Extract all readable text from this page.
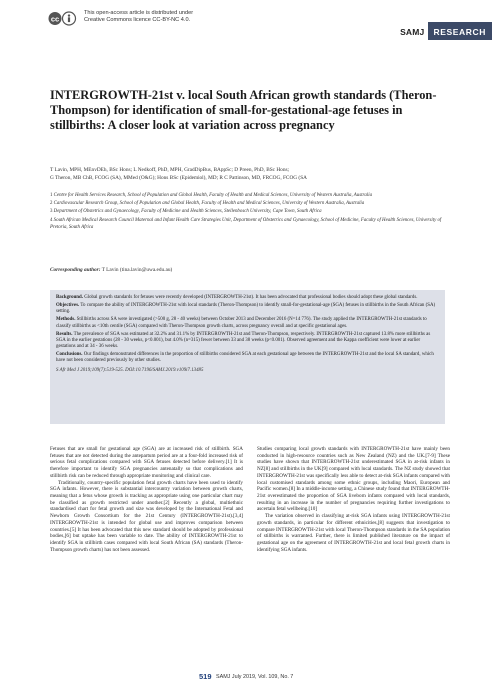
cc
This open-access article is distributed under
Creative Commons licence CC-BY-NC 4.0.
SAMJ	RESEARCH
INTERGROWTH-21st v. local South African growth standards (Theron-Thompson) for identification of small-for-gestational-age fetuses in stillbirths: A closer look at variation across pregnancy
T Lavin, MPH, MEnvDEh, BSc Hons; L Nedkoff, PhD, MPH, GradDipBus, BAppSc; D Preen, PhD, BSc Hons;
G Theron, MB ChB, FCOG (SA), MMed (O&G); Hons BSc (Epidemiol), MD; R C Pattinson, MD, FRCOG, FCOG (SA

1 Centre for Health Services Research, School of Population and Global Health, Faculty of Health and Medical Sciences, University of Western Australia, Australia

2 Cardiovascular Research Group, School of Population and Global Health, Faculty of Health and Medical Sciences, University of Western Australia, Australia

3 Department of Obstetrics and Gynaecology, Faculty of Medicine and Health Sciences, Stellenbosch University, Cape Town, South Africa

4 South African Medical Research Council Maternal and Infant Health Care Strategies Unit, Department of Obstetrics and Gynaecology, School of Medicine, Faculty of Health Sciences, University of Pretoria, South Africa

Corresponding author: T Lavin (tina.lavin@uwa.edu.au)

Background. Global growth standards for fetuses were recently developed (INTERGROWTH-21st). It has been advocated that professional bodies should adopt these global standards.

Objectives. To compare the ability of INTERGROWTH-21st with local standards (Theron-Thompson) to identify small-for-gestational-age (SGA) fetuses in stillbirths in the South African (SA) setting.

Methods. Stillbirths across SA were investigated (>500 g, 28 - 40 weeks) between October 2013 and December 2016 (N=14 776). The study applied the INTERGROWTH-21st standards to classify stillbirths as <10th centile (SGA) compared with Theron-Thompson growth charts, across pregnancy overall and at specific gestational ages.

Results. The prevalence of SGA was estimated at 32.2% and 31.1% by INTERGROWTH-21st and Theron-Thompson, respectively. INTERGROWTH-21st captured 13.8% more stillbirths as SGA in the earlier gestations (28 - 30 weeks, p<0.001), but 4.0% (n=315) fewer between 33 and 38 weeks (p<0.001). Observed agreement and the Kappa coefficient were lower at earlier gestations and at 34 - 36 weeks.

Conclusions. Our findings demonstrated differences in the proportion of stillbirths considered SGA at each gestational age between the INTERGROWTH-21st and the local SA standard, which have not been considered previously by other studies.

S Afr Med J 2019;109(7):519-525. DOI:10.7196/SAMJ.2019.v109i7.13485

Fetuses that are small for gestational age (SGA) are at increased risk of stillbirth. SGA fetuses that are not detected during the antepartum period are at a four-fold increased risk of serious fetal complications compared with SGA fetuses detected before delivery.[1] It is therefore important to identify SGA pregnancies antenatally so that complications and stillbirth risk can be reduced through appropriate monitoring and clinical care.

Traditionally, country-specific population fetal growth charts have been used to identify SGA infants. However, there is substantial intercountry variation between growth charts, meaning that a fetus whose growth is tracking as appropriate using one particular chart may be classified as growth restricted under another.[2] Recently a global, multiethnic standardised chart for fetal growth and size was developed by the International Fetal and Newborn Growth Consortium for the 21st Century (INTERGROWTH-21st).[3,4] INTERGROWTH-21st is intended for global use and improves comparison between countries.[5] It has been advocated that this new standard should be adopted by professional bodies,[6] but uptake has been variable to date. The ability of INTERGROWTH-21st to identify SGA in stillbirth cases compared with local South African (SA) standards (Theron-Thompson growth charts) has not been assessed.

Studies comparing local growth standards with INTERGROWTH-21st have mainly been conducted in high-resource countries such as New Zealand (NZ) and the UK.[7-9] These studies have shown that INTERGROWTH-21st underestimated SGA in at-risk infants in NZ[8] and stillbirths in the UK[9] compared with local standards. The NZ study showed that INTERGROWTH-21st was specifically less able to detect at-risk SGA infants compared with local customised standards among some ethnic groups, including Maori, European and Pacific women.[8] In a middle-income setting, a Chinese study found that INTERGROWTH-21st overestimated the proportion of SGA liveborn infants compared with local standards, resulting in an increase in the number of pregnancies requiring further investigations to ascertain fetal wellbeing.[10]

The variation observed in classifying at-risk SGA infants using INTERGROWTH-21st growth standards, in particular for different ethnicities,[8] suggests that investigation to compare INTERGROWTH-21st with local Theron-Thompson standards in the SA population of stillbirths is warranted. Further, there is limited published literature on the impact of gestational age on the agreement of INTERGROWTH-21st and local fetal growth charts in identifying SGA infants.

519 SAMJ July 2019, Vol. 109, No. 7
